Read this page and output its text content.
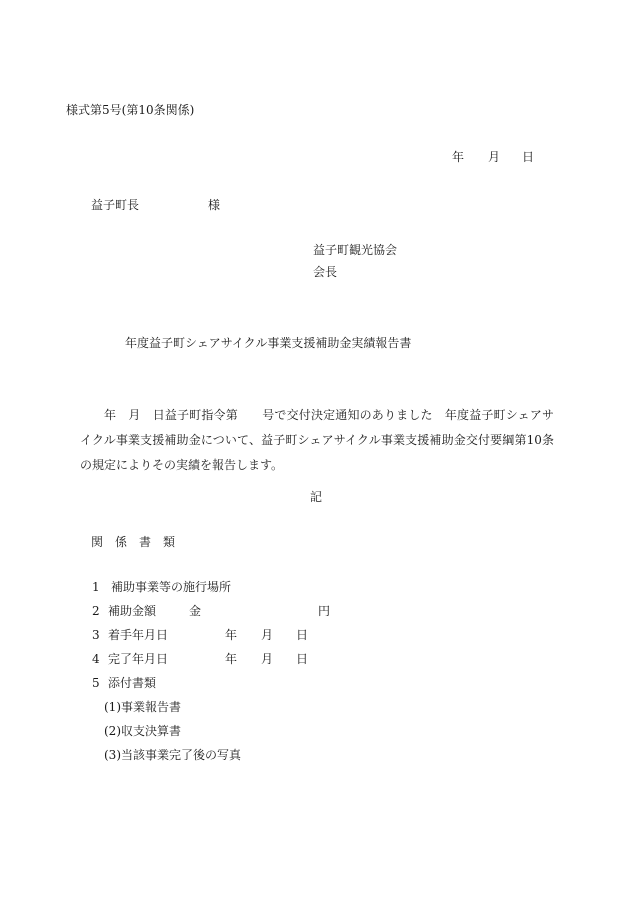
様式第5号(第10条関係)
年 月 日
益子町長	様
益子町観光協会
会長
年度益子町シェアサイクル事業支援補助金実績報告書
年　月　日益子町指令第　　号で交付決定通知のありました　年度益子町シェアサイクル事業支援補助金について、益子町シェアサイクル事業支援補助金交付要綱第10条の規定によりその実績を報告します。
記
関　係　書　類
1 補助事業等の施行場所
2 補助金額	金	円
3 着手年月日	年 月 日
4 完了年月日	年 月 日
5 添付書類
(1)事業報告書
(2)収支決算書
(3)当該事業完了後の写真
